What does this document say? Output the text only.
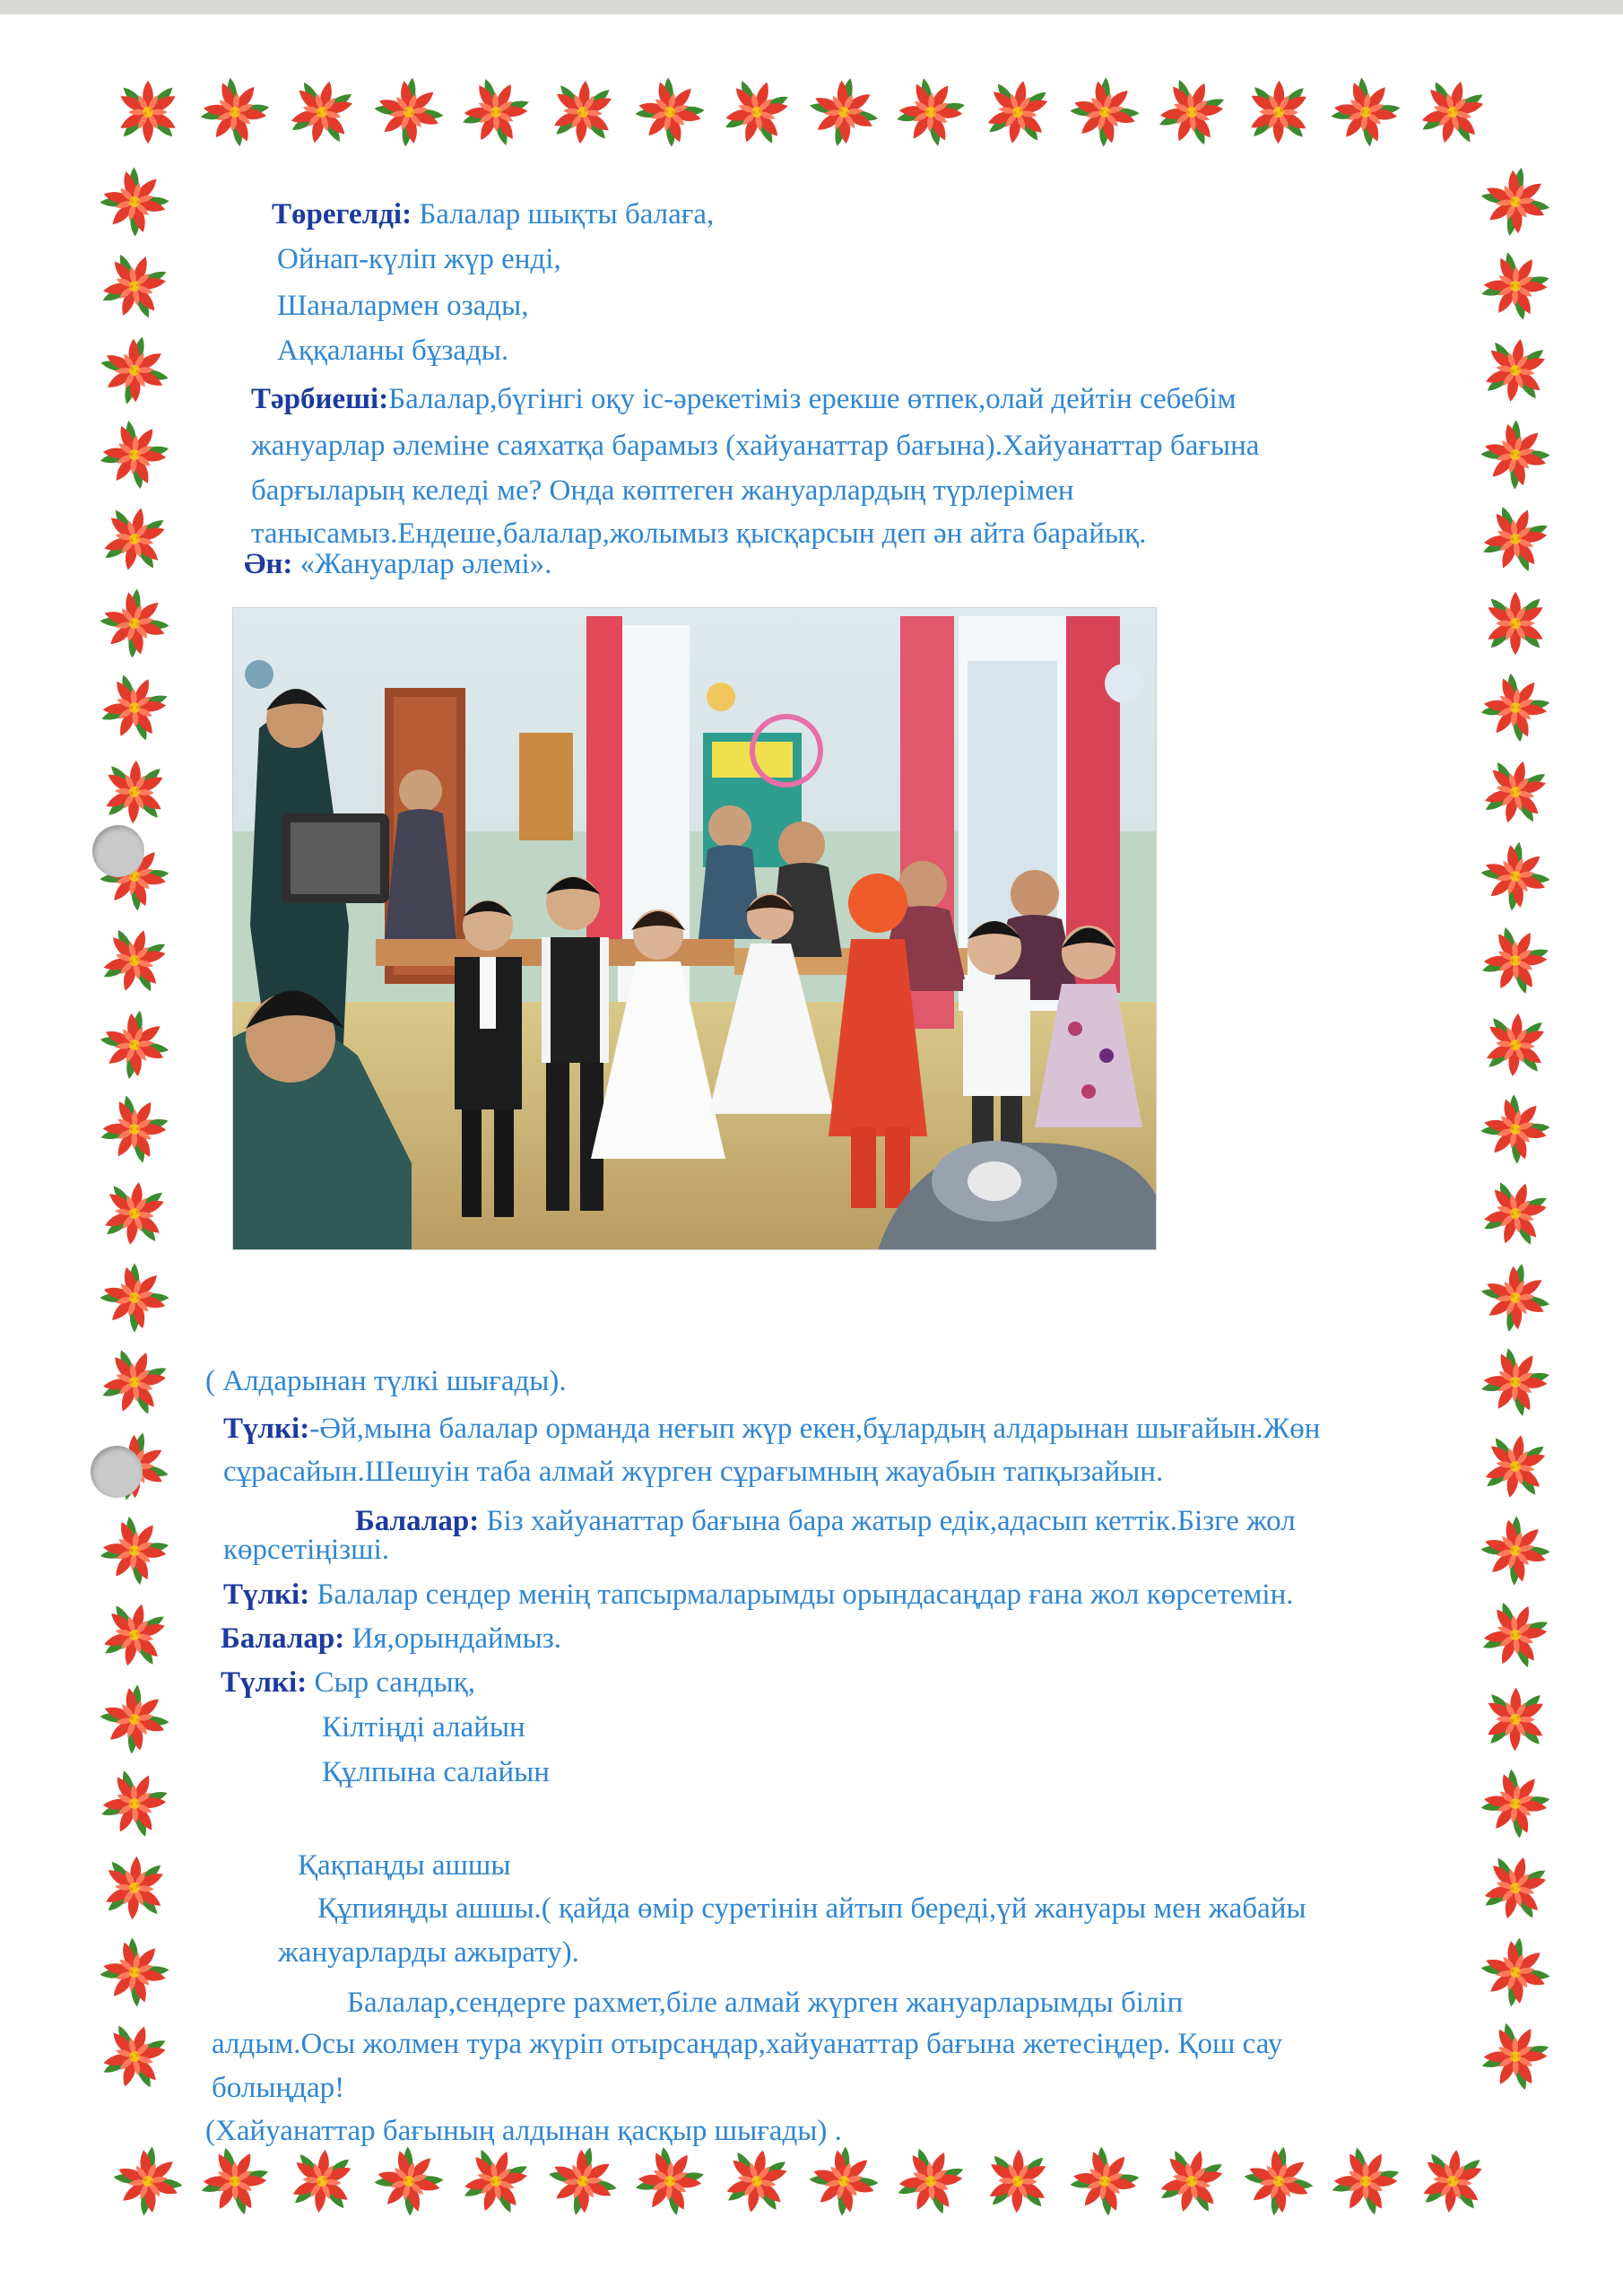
Төрегелді: Балалар шықты балаға,
Ойнап-күліп жүр енді,
Шаналармен озады,
Аққаланы бұзады.
Тәрбиеші:Балалар,бүгінгі оқу іс-әрекетіміз ерекше өтпек,олай дейтін себебім
жануарлар әлеміне саяхатқа барамыз (хайуанаттар бағына).Хайуанаттар бағына
барғыларың келеді ме? Онда көптеген жануарлардың түрлерімен
танысамыз.Ендеше,балалар,жолымыз қысқарсын деп ән айта барайық.
Ән: «Жануарлар әлемі».
( Алдарынан түлкі шығады).
Түлкі:-Әй,мына балалар орманда неғып жүр екен,бұлардың алдарынан шығайын.Жөн
сұрасайын.Шешуін таба алмай жүрген сұрағымның жауабын тапқызайын.
Балалар: Біз хайуанаттар бағына бара жатыр едік,адасып кеттік.Бізге жол
көрсетіңізші.
Түлкі: Балалар сендер менің тапсырмаларымды орындасаңдар ғана жол көрсетемін.
Балалар: Ия,орындаймыз.
Түлкі: Сыр сандық,
Кілтіңді алайын
Құлпына салайын
Қақпаңды ашшы
Құпияңды ашшы.( қайда өмір суретінін айтып береді,үй жануары мен жабайы
жануарларды ажырату).
Балалар,сендерге рахмет,біле алмай жүрген жануарларымды біліп
алдым.Осы жолмен тура жүріп отырсаңдар,хайуанаттар бағына жетесіңдер. Қош сау
болыңдар!
(Хайуанаттар бағының алдынан қасқыр шығады) .
